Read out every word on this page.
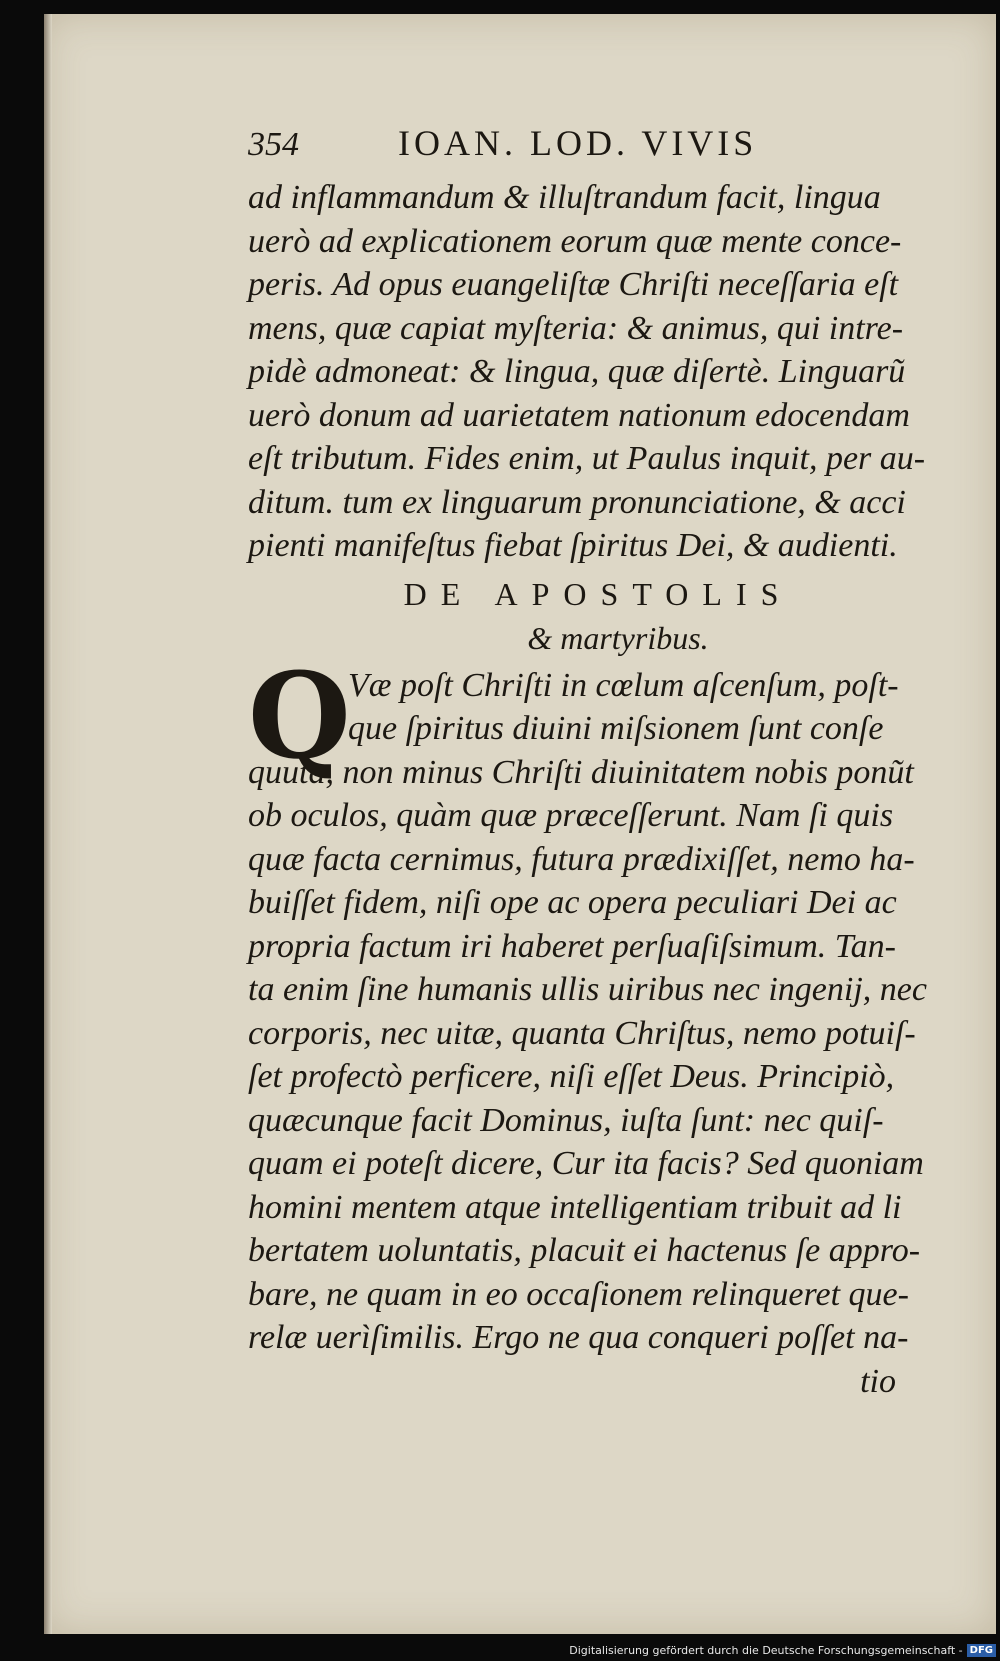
354	IOAN. LOD. VIVIS
ad inflammandum & illuſtrandum facit, lingua
uerò ad explicationem eorum quæ mente conce-
peris. Ad opus euangeliſtæ Chriſti neceſſaria eſt
mens, quæ capiat myſteria: & animus, qui intre-
pidè admoneat: & lingua, quæ diſertè. Linguarũ
uerò donum ad uarietatem nationum edocendam
eſt tributum. Fides enim, ut Paulus inquit, per au-
ditum. tum ex linguarum pronunciatione, & acci
pienti manifeſtus fiebat ſpiritus Dei, & audienti.
DE APOSTOLIS
& martyribus.
Q
Væ poſt Chriſti in cœlum aſcenſum, poſt-
que ſpiritus diuini miſsionem ſunt conſe
quuta, non minus Chriſti diuinitatem nobis ponũt
ob oculos, quàm quæ præceſſerunt. Nam ſi quis
quæ facta cernimus, futura prædixiſſet, nemo ha-
buiſſet fidem, niſi ope ac opera peculiari Dei ac
propria factum iri haberet perſuaſiſsimum. Tan-
ta enim ſine humanis ullis uiribus nec ingenij, nec
corporis, nec uitæ, quanta Chriſtus, nemo potuiſ-
ſet profectò perficere, niſi eſſet Deus. Principiò,
quæcunque facit Dominus, iuſta ſunt: nec quiſ-
quam ei poteſt dicere, Cur ita facis? Sed quoniam
homini mentem atque intelligentiam tribuit ad li
bertatem uoluntatis, placuit ei hactenus ſe appro-
bare, ne quam in eo occaſionem relinqueret que-
relæ uerìſimilis. Ergo ne qua conqueri poſſet na-
tio
Digitalisierung gefördert durch die Deutsche Forschungsgemeinschaft - DFG
